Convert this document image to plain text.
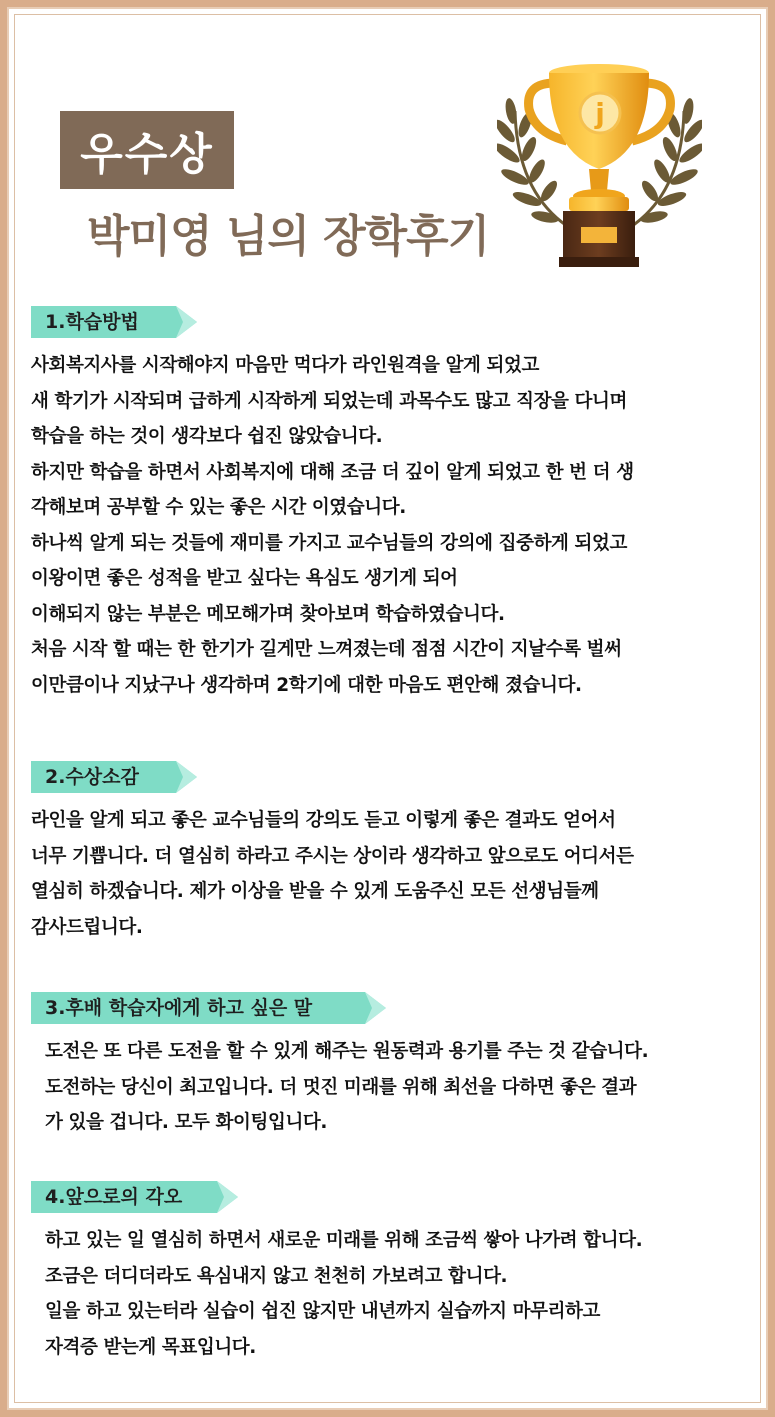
우수상
박미영 님의 장학후기
j
1.학습방법

사회복지사를 시작해야지 마음만 먹다가 라인원격을 알게 되었고

새 학기가 시작되며 급하게 시작하게 되었는데 과목수도 많고 직장을 다니며

학습을 하는 것이 생각보다 쉽진 않았습니다.

하지만 학습을 하면서 사회복지에 대해 조금 더 깊이 알게 되었고 한 번 더 생

각해보며 공부할 수 있는 좋은 시간 이였습니다.

하나씩 알게 되는 것들에 재미를 가지고 교수님들의 강의에 집중하게 되었고

이왕이면 좋은 성적을 받고 싶다는 욕심도 생기게 되어

이해되지 않는 부분은 메모해가며 찾아보며 학습하였습니다.

처음 시작 할 때는 한 한기가 길게만 느껴졌는데 점점 시간이 지날수록 벌써

이만큼이나 지났구나 생각하며 2학기에 대한 마음도 편안해 졌습니다.

2.수상소감

라인을 알게 되고 좋은 교수님들의 강의도 듣고 이렇게 좋은 결과도 얻어서

너무 기쁩니다. 더 열심히 하라고 주시는 상이라 생각하고 앞으로도 어디서든

열심히 하겠습니다. 제가 이상을 받을 수 있게 도움주신 모든 선생님들께

감사드립니다.

3.후배 학습자에게 하고 싶은 말

도전은 또 다른 도전을 할 수 있게 해주는 원동력과 용기를 주는 것 같습니다.

도전하는 당신이 최고입니다. 더 멋진 미래를 위해 최선을 다하면 좋은 결과

가 있을 겁니다. 모두 화이팅입니다.

4.앞으로의 각오

하고 있는 일 열심히 하면서 새로운 미래를 위해 조금씩 쌓아 나가려 합니다.

조금은 더디더라도 욕심내지 않고 천천히 가보려고 합니다.

일을 하고 있는터라 실습이 쉽진 않지만 내년까지 실습까지 마무리하고

자격증 받는게 목표입니다.
